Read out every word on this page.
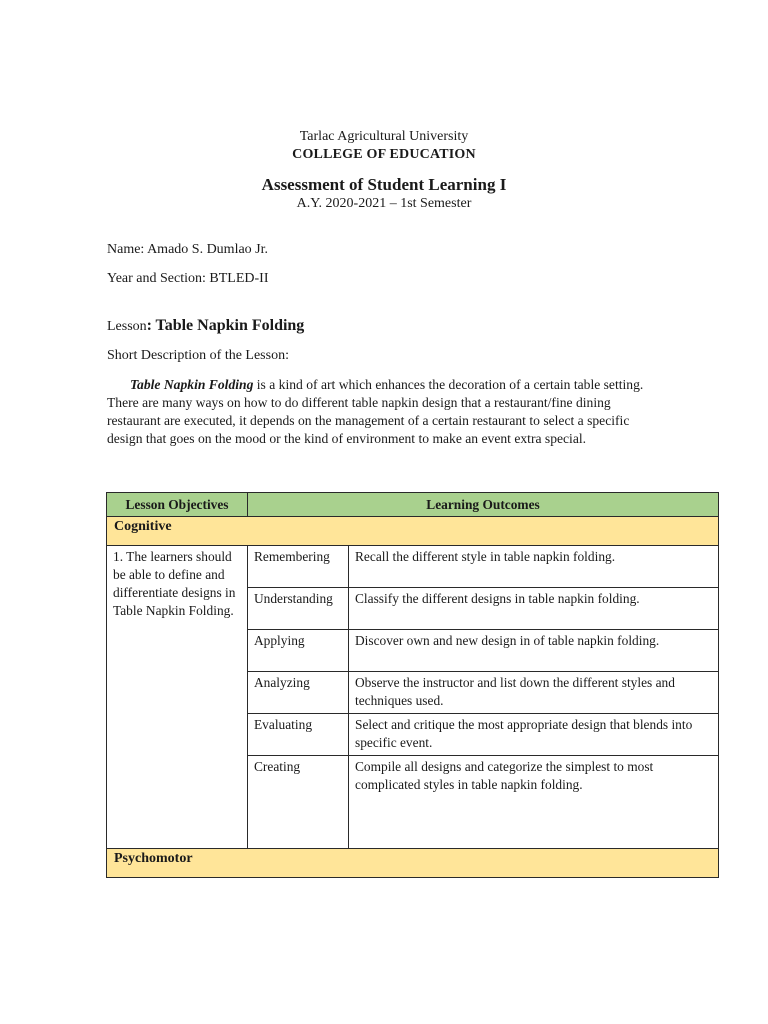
Tarlac Agricultural University
COLLEGE OF EDUCATION
Assessment of Student Learning I
A.Y. 2020-2021 – 1st Semester
Name: Amado S. Dumlao Jr.
Year and Section: BTLED-II
Lesson: Table Napkin Folding
Short Description of the Lesson:
Table Napkin Folding is a kind of art which enhances the decoration of a certain table setting. There are many ways on how to do different table napkin design that a restaurant/fine dining restaurant are executed, it depends on the management of a certain restaurant to select a specific design that goes on the mood or the kind of environment to make an event extra special.
Lesson Objectives	Learning Outcomes	
Cognitive		
1. The learners should be able to define and differentiate designs in Table Napkin Folding.	Remembering	Recall the different style in table napkin folding.
	Understanding	Classify the different designs in table napkin folding.
	Applying	Discover own and new design in of table napkin folding.
	Analyzing	Observe the instructor and list down the different styles and techniques used.
	Evaluating	Select and critique the most appropriate design that blends into specific event.
	Creating	Compile all designs and categorize the simplest to most complicated styles in table napkin folding.
Psychomotor		
